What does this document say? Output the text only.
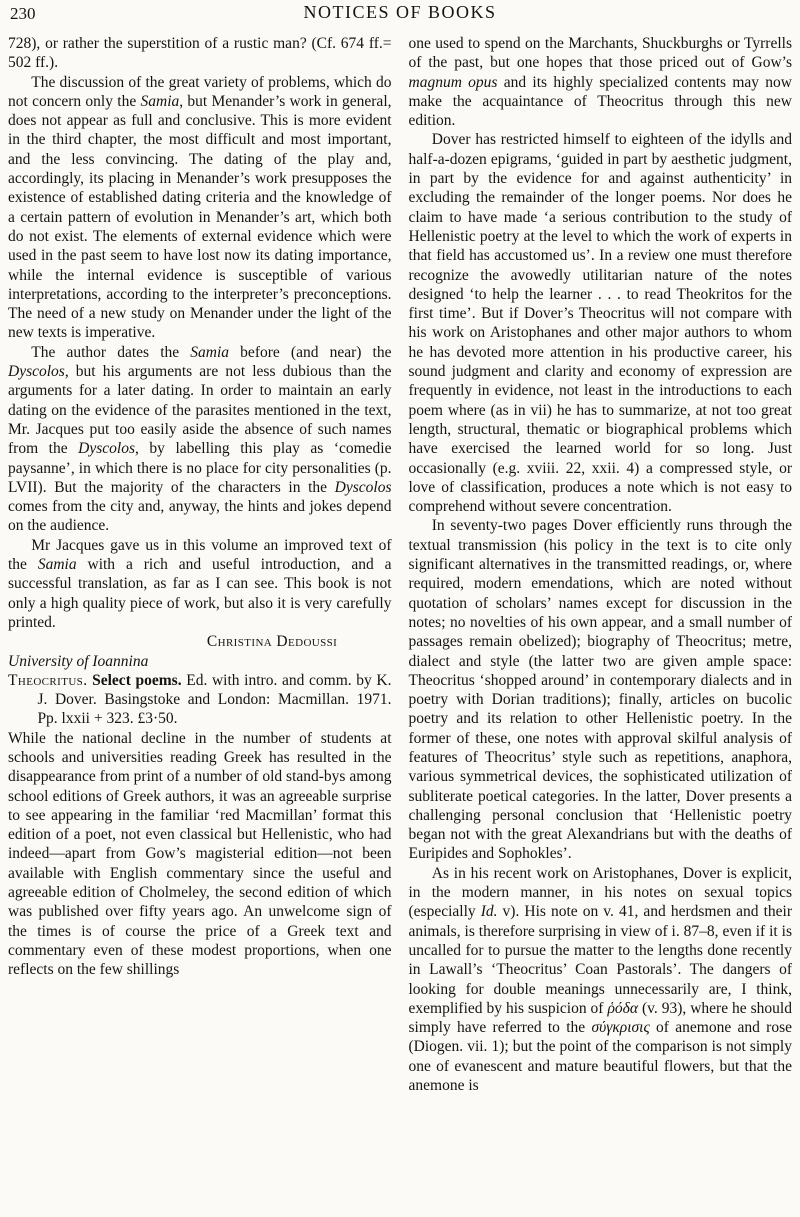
230	NOTICES OF BOOKS

728), or rather the superstition of a rustic man? (Cf. 674 ff.= 502 ff.).

The discussion of the great variety of problems, which do not concern only the Samia, but Menander’s work in general, does not appear as full and conclusive. This is more evident in the third chapter, the most difficult and most important, and the less convincing. The dating of the play and, accordingly, its placing in Menander’s work presupposes the existence of established dating criteria and the knowledge of a certain pattern of evolution in Menander’s art, which both do not exist. The elements of external evidence which were used in the past seem to have lost now its dating importance, while the internal evidence is susceptible of various interpretations, according to the interpreter’s preconceptions. The need of a new study on Menander under the light of the new texts is imperative.

The author dates the Samia before (and near) the Dyscolos, but his arguments are not less dubious than the arguments for a later dating. In order to maintain an early dating on the evidence of the parasites mentioned in the text, Mr. Jacques put too easily aside the absence of such names from the Dyscolos, by labelling this play as ‘comedie paysanne’, in which there is no place for city personalities (p. LVII). But the majority of the characters in the Dyscolos comes from the city and, anyway, the hints and jokes depend on the audience.

Mr Jacques gave us in this volume an improved text of the Samia with a rich and useful introduction, and a successful translation, as far as I can see. This book is not only a high quality piece of work, but also it is very carefully printed.

Christina Dedoussi

University of Ioannina

Theocritus. Select poems. Ed. with intro. and comm. by K. J. Dover. Basingstoke and London: Macmillan. 1971. Pp. lxxii + 323. £3·50.

While the national decline in the number of students at schools and universities reading Greek has resulted in the disappearance from print of a number of old stand-bys among school editions of Greek authors, it was an agreeable surprise to see appearing in the familiar ‘red Macmillan’ format this edition of a poet, not even classical but Hellenistic, who had indeed—apart from Gow’s magisterial edition—not been available with English commentary since the useful and agreeable edition of Cholmeley, the second edition of which was published over fifty years ago. An unwelcome sign of the times is of course the price of a Greek text and commentary even of these modest proportions, when one reflects on the few shillings

one used to spend on the Marchants, Shuckburghs or Tyrrells of the past, but one hopes that those priced out of Gow’s magnum opus and its highly specialized contents may now make the acquaintance of Theocritus through this new edition.

Dover has restricted himself to eighteen of the idylls and half-a-dozen epigrams, ‘guided in part by aesthetic judgment, in part by the evidence for and against authenticity’ in excluding the remainder of the longer poems. Nor does he claim to have made ‘a serious contribution to the study of Hellenistic poetry at the level to which the work of experts in that field has accustomed us’. In a review one must therefore recognize the avowedly utilitarian nature of the notes designed ‘to help the learner . . . to read Theokritos for the first time’. But if Dover’s Theocritus will not compare with his work on Aristophanes and other major authors to whom he has devoted more attention in his productive career, his sound judgment and clarity and economy of expression are frequently in evidence, not least in the introductions to each poem where (as in vii) he has to summarize, at not too great length, structural, thematic or biographical problems which have exercised the learned world for so long. Just occasionally (e.g. xviii. 22, xxii. 4) a compressed style, or love of classification, produces a note which is not easy to comprehend without severe concentration.

In seventy-two pages Dover efficiently runs through the textual transmission (his policy in the text is to cite only significant alternatives in the transmitted readings, or, where required, modern emendations, which are noted without quotation of scholars’ names except for discussion in the notes; no novelties of his own appear, and a small number of passages remain obelized); biography of Theocritus; metre, dialect and style (the latter two are given ample space: Theocritus ‘shopped around’ in contemporary dialects and in poetry with Dorian traditions); finally, articles on bucolic poetry and its relation to other Hellenistic poetry. In the former of these, one notes with approval skilful analysis of features of Theocritus’ style such as repetitions, anaphora, various symmetrical devices, the sophisticated utilization of subliterate poetical categories. In the latter, Dover presents a challenging personal conclusion that ‘Hellenistic poetry began not with the great Alexandrians but with the deaths of Euripides and Sophokles’.

As in his recent work on Aristophanes, Dover is explicit, in the modern manner, in his notes on sexual topics (especially Id. v). His note on v. 41, and herdsmen and their animals, is therefore surprising in view of i. 87–8, even if it is uncalled for to pursue the matter to the lengths done recently in Lawall’s ‘Theocritus’ Coan Pastorals’. The dangers of looking for double meanings unnecessarily are, I think, exemplified by his suspicion of ῥόδα (v. 93), where he should simply have referred to the σύγκρισις of anemone and rose (Diogen. vii. 1); but the point of the comparison is not simply one of evanescent and mature beautiful flowers, but that the anemone is
